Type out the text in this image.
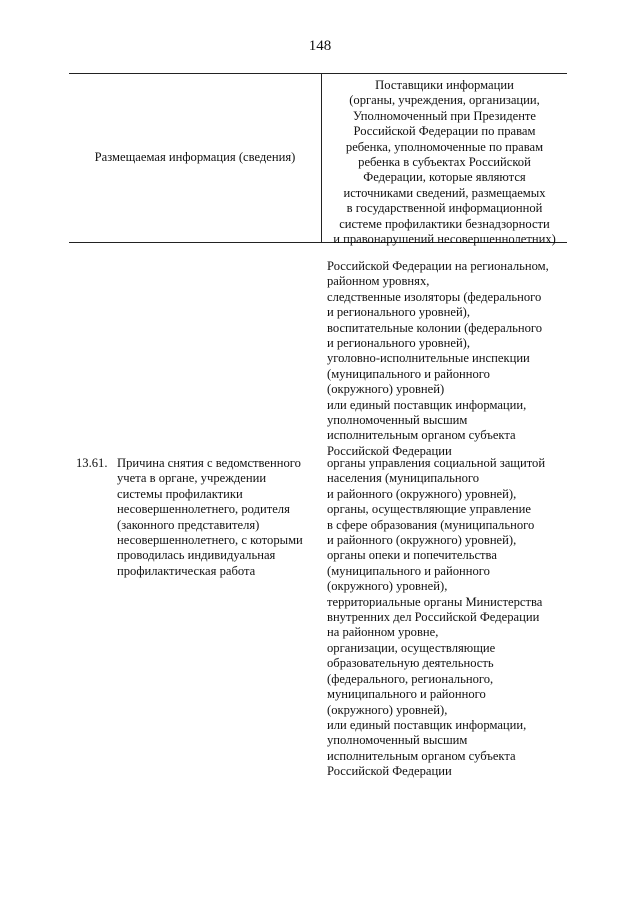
148
Размещаемая информация (сведения)
Поставщики информации
(органы, учреждения, организации,
Уполномоченный при Президенте
Российской Федерации по правам
ребенка, уполномоченные по правам
ребенка в субъектах Российской
Федерации, которые являются
источниками сведений, размещаемых
в государственной информационной
системе профилактики безнадзорности
и правонарушений несовершеннолетних)
Российской Федерации на региональном,
районном уровнях,
следственные изоляторы (федерального
и регионального уровней),
воспитательные колонии (федерального
и регионального уровней),
уголовно-исполнительные инспекции
(муниципального и районного
(окружного) уровней)
или единый поставщик информации,
уполномоченный высшим
исполнительным органом субъекта
Российской Федерации
13.61. Причина снятия с ведомственного
учета в органе, учреждении
системы профилактики
несовершеннолетнего, родителя
(законного представителя)
несовершеннолетнего, с которыми
проводилась индивидуальная
профилактическая работа
органы управления социальной защитой
населения (муниципального
и районного (окружного) уровней),
органы, осуществляющие управление
в сфере образования (муниципального
и районного (окружного) уровней),
органы опеки и попечительства
(муниципального и районного
(окружного) уровней),
территориальные органы Министерства
внутренних дел Российской Федерации
на районном уровне,
организации, осуществляющие
образовательную деятельность
(федерального, регионального,
муниципального и районного
(окружного) уровней),
или единый поставщик информации,
уполномоченный высшим
исполнительным органом субъекта
Российской Федерации
